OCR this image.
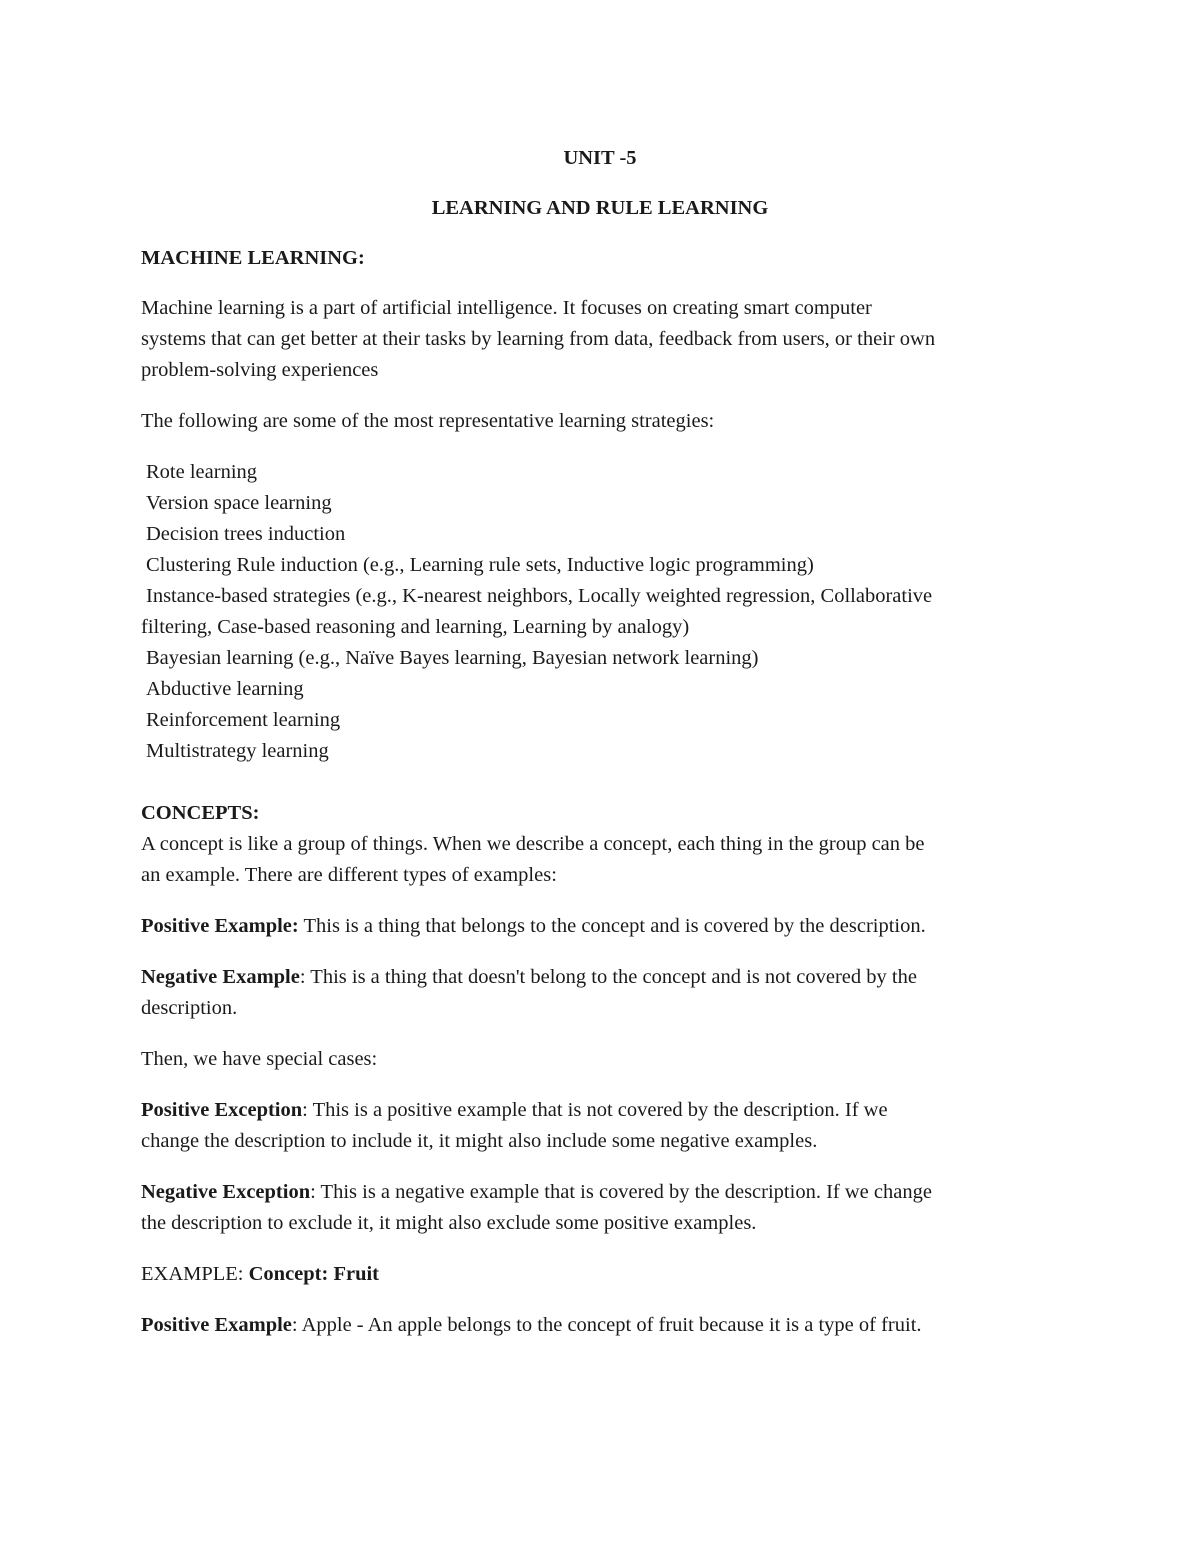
UNIT -5
LEARNING AND RULE LEARNING
MACHINE LEARNING:
Machine learning is a part of artificial intelligence. It focuses on creating smart computer
systems that can get better at their tasks by learning from data, feedback from users, or their own
problem-solving experiences
The following are some of the most representative learning strategies:
Rote learning
Version space learning
Decision trees induction
Clustering Rule induction (e.g., Learning rule sets, Inductive logic programming)
Instance-based strategies (e.g., K-nearest neighbors, Locally weighted regression, Collaborative
filtering, Case-based reasoning and learning, Learning by analogy)
Bayesian learning (e.g., Naïve Bayes learning, Bayesian network learning)
Abductive learning
Reinforcement learning
Multistrategy learning
CONCEPTS:
A concept is like a group of things. When we describe a concept, each thing in the group can be
an example. There are different types of examples:
Positive Example: This is a thing that belongs to the concept and is covered by the description.
Negative Example: This is a thing that doesn't belong to the concept and is not covered by the
description.
Then, we have special cases:
Positive Exception: This is a positive example that is not covered by the description. If we
change the description to include it, it might also include some negative examples.
Negative Exception: This is a negative example that is covered by the description. If we change
the description to exclude it, it might also exclude some positive examples.
EXAMPLE: Concept: Fruit
Positive Example: Apple - An apple belongs to the concept of fruit because it is a type of fruit.
